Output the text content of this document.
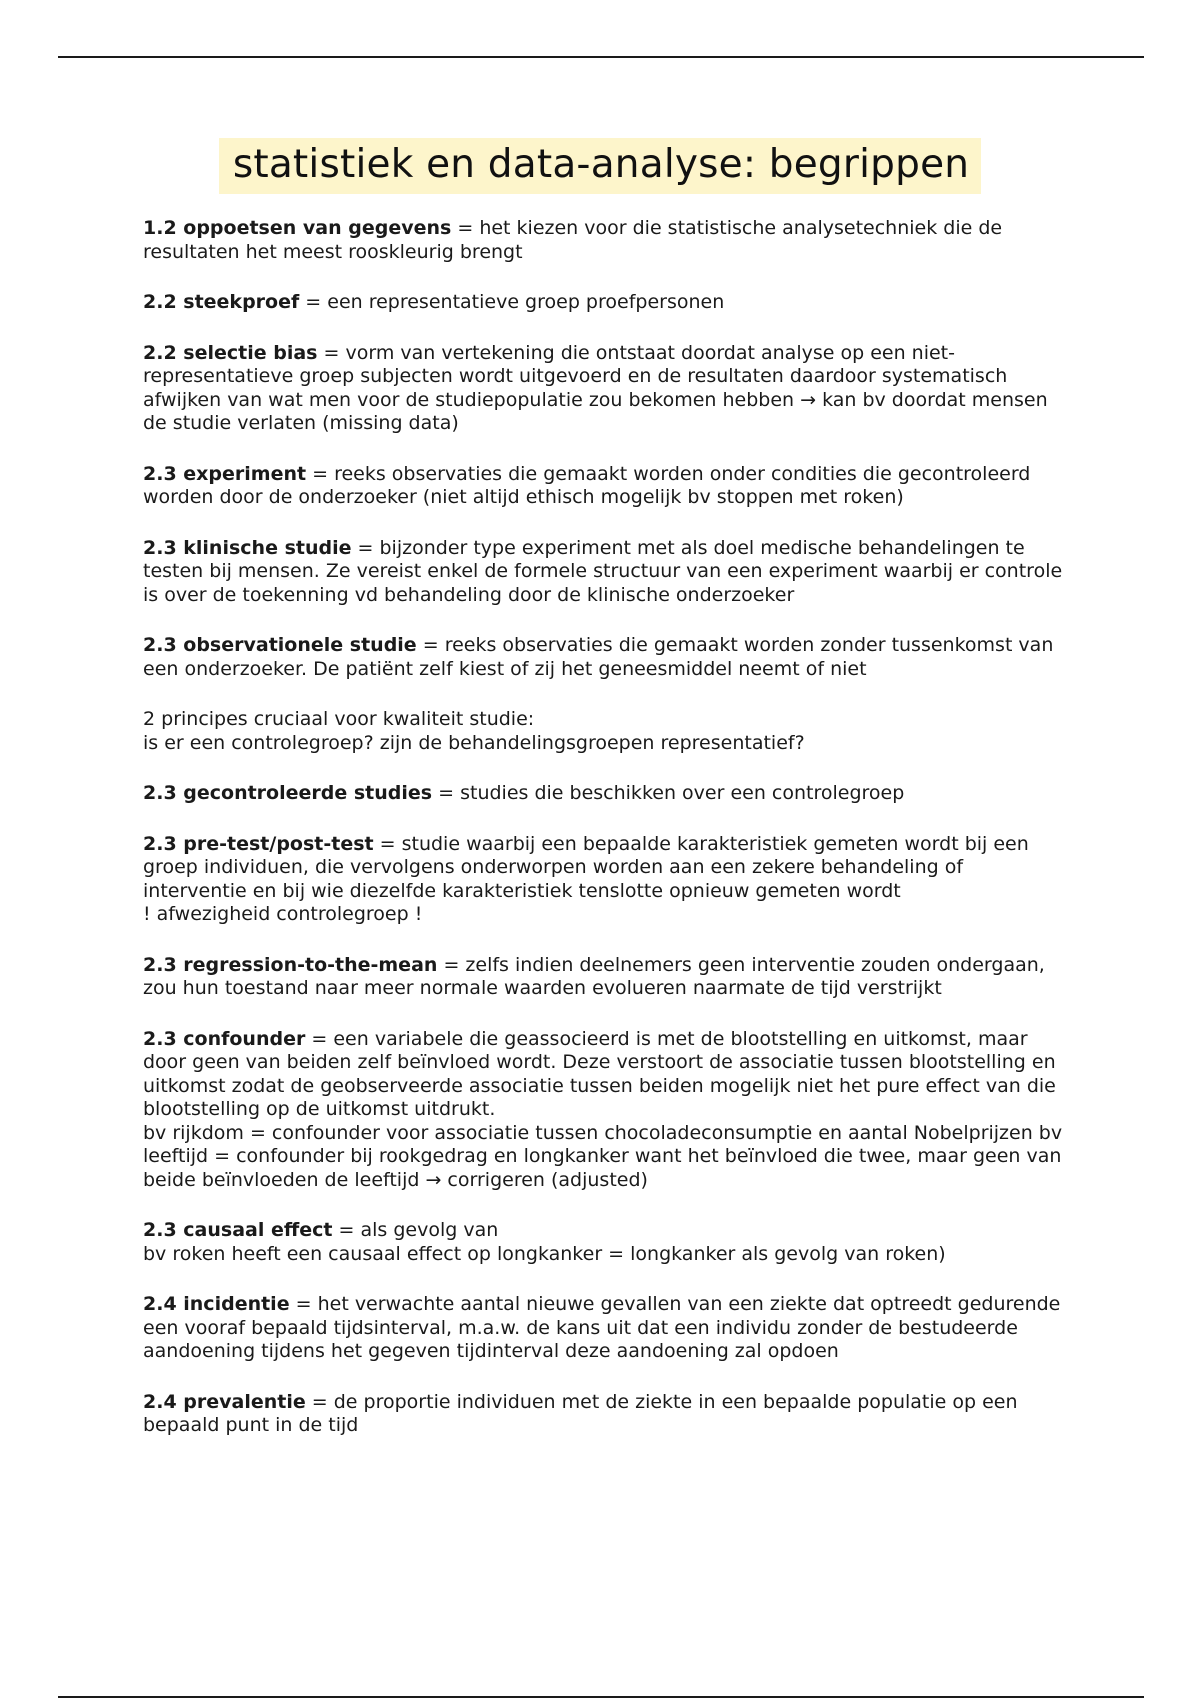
statistiek en data-analyse: begrippen

1.2 oppoetsen van gegevens = het kiezen voor die statistische analysetechniek die de resultaten het meest rooskleurig brengt

2.2 steekproef = een representatieve groep proefpersonen

2.2 selectie bias = vorm van vertekening die ontstaat doordat analyse op een niet-representatieve groep subjecten wordt uitgevoerd en de resultaten daardoor systematisch afwijken van wat men voor de studiepopulatie zou bekomen hebben → kan bv doordat mensen de studie verlaten (missing data)

2.3 experiment = reeks observaties die gemaakt worden onder condities die gecontroleerd worden door de onderzoeker (niet altijd ethisch mogelijk bv stoppen met roken)

2.3 klinische studie = bijzonder type experiment met als doel medische behandelingen te testen bij mensen. Ze vereist enkel de formele structuur van een experiment waarbij er controle is over de toekenning vd behandeling door de klinische onderzoeker

2.3 observationele studie = reeks observaties die gemaakt worden zonder tussenkomst van een onderzoeker. De patiënt zelf kiest of zij het geneesmiddel neemt of niet

2 principes cruciaal voor kwaliteit studie:
is er een controlegroep? zijn de behandelingsgroepen representatief?

2.3 gecontroleerde studies = studies die beschikken over een controlegroep

2.3 pre-test/post-test = studie waarbij een bepaalde karakteristiek gemeten wordt bij een groep individuen, die vervolgens onderworpen worden aan een zekere behandeling of interventie en bij wie diezelfde karakteristiek tenslotte opnieuw gemeten wordt
! afwezigheid controlegroep !

2.3 regression-to-the-mean = zelfs indien deelnemers geen interventie zouden ondergaan, zou hun toestand naar meer normale waarden evolueren naarmate de tijd verstrijkt

2.3 confounder = een variabele die geassocieerd is met de blootstelling en uitkomst, maar door geen van beiden zelf beïnvloed wordt. Deze verstoort de associatie tussen blootstelling en uitkomst zodat de geobserveerde associatie tussen beiden mogelijk niet het pure effect van die blootstelling op de uitkomst uitdrukt.
bv rijkdom = confounder voor associatie tussen chocoladeconsumptie en aantal Nobelprijzen bv leeftijd = confounder bij rookgedrag en longkanker want het beïnvloed die twee, maar geen van beide beïnvloeden de leeftijd → corrigeren (adjusted)

2.3 causaal effect = als gevolg van
bv roken heeft een causaal effect op longkanker = longkanker als gevolg van roken)

2.4 incidentie = het verwachte aantal nieuwe gevallen van een ziekte dat optreedt gedurende een vooraf bepaald tijdsinterval, m.a.w. de kans uit dat een individu zonder de bestudeerde aandoening tijdens het gegeven tijdinterval deze aandoening zal opdoen

2.4 prevalentie = de proportie individuen met de ziekte in een bepaalde populatie op een bepaald punt in de tijd
